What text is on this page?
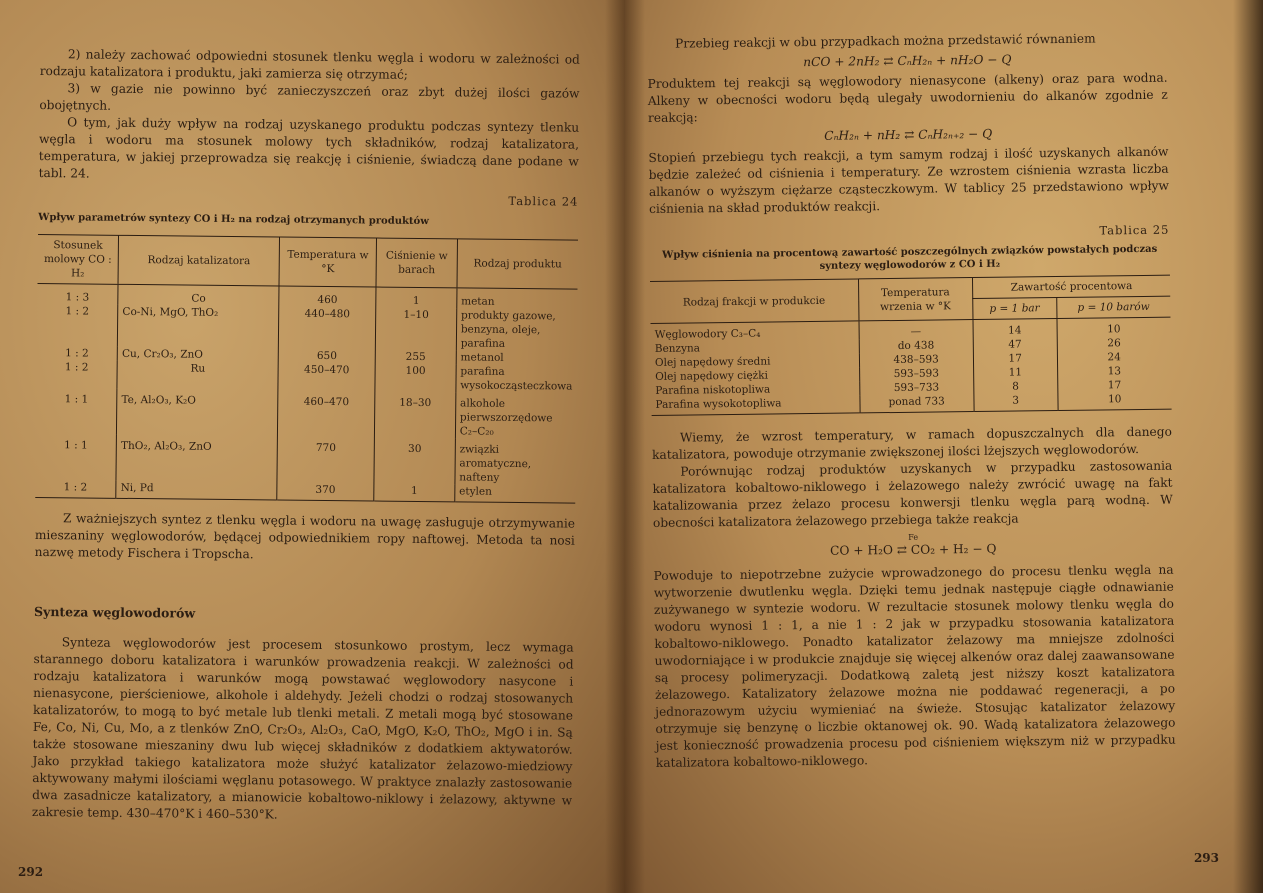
2) należy zachować odpowiedni stosunek tlenku węgla i wodoru w zależności od rodzaju katalizatora i produktu, jaki zamierza się otrzymać;

3) w gazie nie powinno być zanieczyszczeń oraz zbyt dużej ilości gazów obojętnych.

O tym, jak duży wpływ na rodzaj uzyskanego produktu podczas syntezy tlenku węgla i wodoru ma stosunek molowy tych składników, rodzaj katalizatora, temperatura, w jakiej przeprowadza się reakcję i ciśnienie, świadczą dane podane w tabl. 24.

Tablica 24
Wpływ parametrów syntezy CO i H₂ na rodzaj otrzymanych produktów
Stosunek molowy CO : H₂	Rodzaj katalizatora	Temperatura w °K	Ciśnienie w barach	Rodzaj produktu
1 : 3	Co	460	1	metan
1 : 2	Co-Ni, MgO, ThO₂	440–480	1–10	produkty gazowe, benzyna, oleje, parafina
1 : 2	Cu, Cr₂O₃, ZnO	650	255	metanol
1 : 2	Ru	450–470	100	parafina wysokocząsteczkowa
1 : 1	Te, Al₂O₃, K₂O	460–470	18–30	alkohole pierwszorzędowe C₂–C₂₀
1 : 1	ThO₂, Al₂O₃, ZnO	770	30	związki aromatyczne, nafteny
1 : 2	Ni, Pd	370	1	etylen

Z ważniejszych syntez z tlenku węgla i wodoru na uwagę zasługuje otrzymywanie mieszaniny węglowodorów, będącej odpowiednikiem ropy naftowej. Metoda ta nosi nazwę metody Fischera i Tropscha.

Synteza węglowodorów

Synteza węglowodorów jest procesem stosunkowo prostym, lecz wymaga starannego doboru katalizatora i warunków prowadzenia reakcji. W zależności od rodzaju katalizatora i warunków mogą powstawać węglowodory nasycone i nienasycone, pierścieniowe, alkohole i aldehydy. Jeżeli chodzi o rodzaj stosowanych katalizatorów, to mogą to być metale lub tlenki metali. Z metali mogą być stosowane Fe, Co, Ni, Cu, Mo, a z tlenków ZnO, Cr₂O₃, Al₂O₃, CaO, MgO, K₂O, ThO₂, MgO i in. Są także stosowane mieszaniny dwu lub więcej składników z dodatkiem aktywatorów. Jako przykład takiego katalizatora może służyć katalizator żelazowo-miedziowy aktywowany małymi ilościami węglanu potasowego. W praktyce znalazły zastosowanie dwa zasadnicze katalizatory, a mianowicie kobaltowo-niklowy i żelazowy, aktywne w zakresie temp. 430–470°K i 460–530°K.

292

Przebieg reakcji w obu przypadkach można przedstawić równaniem

nCO + 2nH₂ ⇄ CₙH₂ₙ + nH₂O − Q

Produktem tej reakcji są węglowodory nienasycone (alkeny) oraz para wodna. Alkeny w obecności wodoru będą ulegały uwodornieniu do alkanów zgodnie z reakcją:

CₙH₂ₙ + nH₂ ⇄ CₙH₂ₙ₊₂ − Q

Stopień przebiegu tych reakcji, a tym samym rodzaj i ilość uzyskanych alkanów będzie zależeć od ciśnienia i temperatury. Ze wzrostem ciśnienia wzrasta liczba alkanów o wyższym ciężarze cząsteczkowym. W tablicy 25 przedstawiono wpływ ciśnienia na skład produktów reakcji.

Tablica 25
Wpływ ciśnienia na procentową zawartość poszczególnych związków powstałych podczas syntezy węglowodorów z CO i H₂
Rodzaj frakcji w produkcie	Temperatura wrzenia w °K	Zawartość procentowa	
		p = 1 bar	p = 10 barów
Węglowodory C₃–C₄	—	14	10
Benzyna	do 438	47	26
Olej napędowy średni	438–593	17	24
Olej napędowy ciężki	593–593	11	13
Parafina niskotopliwa	593–733	8	17
Parafina wysokotopliwa	ponad 733	3	10

Wiemy, że wzrost temperatury, w ramach dopuszczalnych dla danego katalizatora, powoduje otrzymanie zwiększonej ilości lżejszych węglowodorów.

Porównując rodzaj produktów uzyskanych w przypadku zastosowania katalizatora kobaltowo-niklowego i żelazowego należy zwrócić uwagę na fakt katalizowania przez żelazo procesu konwersji tlenku węgla parą wodną. W obecności katalizatora żelazowego przebiega także reakcja

Fe
CO + H₂O ⇄ CO₂ + H₂ − Q

Powoduje to niepotrzebne zużycie wprowadzonego do procesu tlenku węgla na wytworzenie dwutlenku węgla. Dzięki temu jednak następuje ciągłe odnawianie zużywanego w syntezie wodoru. W rezultacie stosunek molowy tlenku węgla do wodoru wynosi 1 : 1, a nie 1 : 2 jak w przypadku stosowania katalizatora kobaltowo-niklowego. Ponadto katalizator żelazowy ma mniejsze zdolności uwodorniające i w produkcie znajduje się więcej alkenów oraz dalej zaawansowane są procesy polimeryzacji. Dodatkową zaletą jest niższy koszt katalizatora żelazowego. Katalizatory żelazowe można nie poddawać regeneracji, a po jednorazowym użyciu wymieniać na świeże. Stosując katalizator żelazowy otrzymuje się benzynę o liczbie oktanowej ok. 90. Wadą katalizatora żelazowego jest konieczność prowadzenia procesu pod ciśnieniem większym niż w przypadku katalizatora kobaltowo-niklowego.

293
